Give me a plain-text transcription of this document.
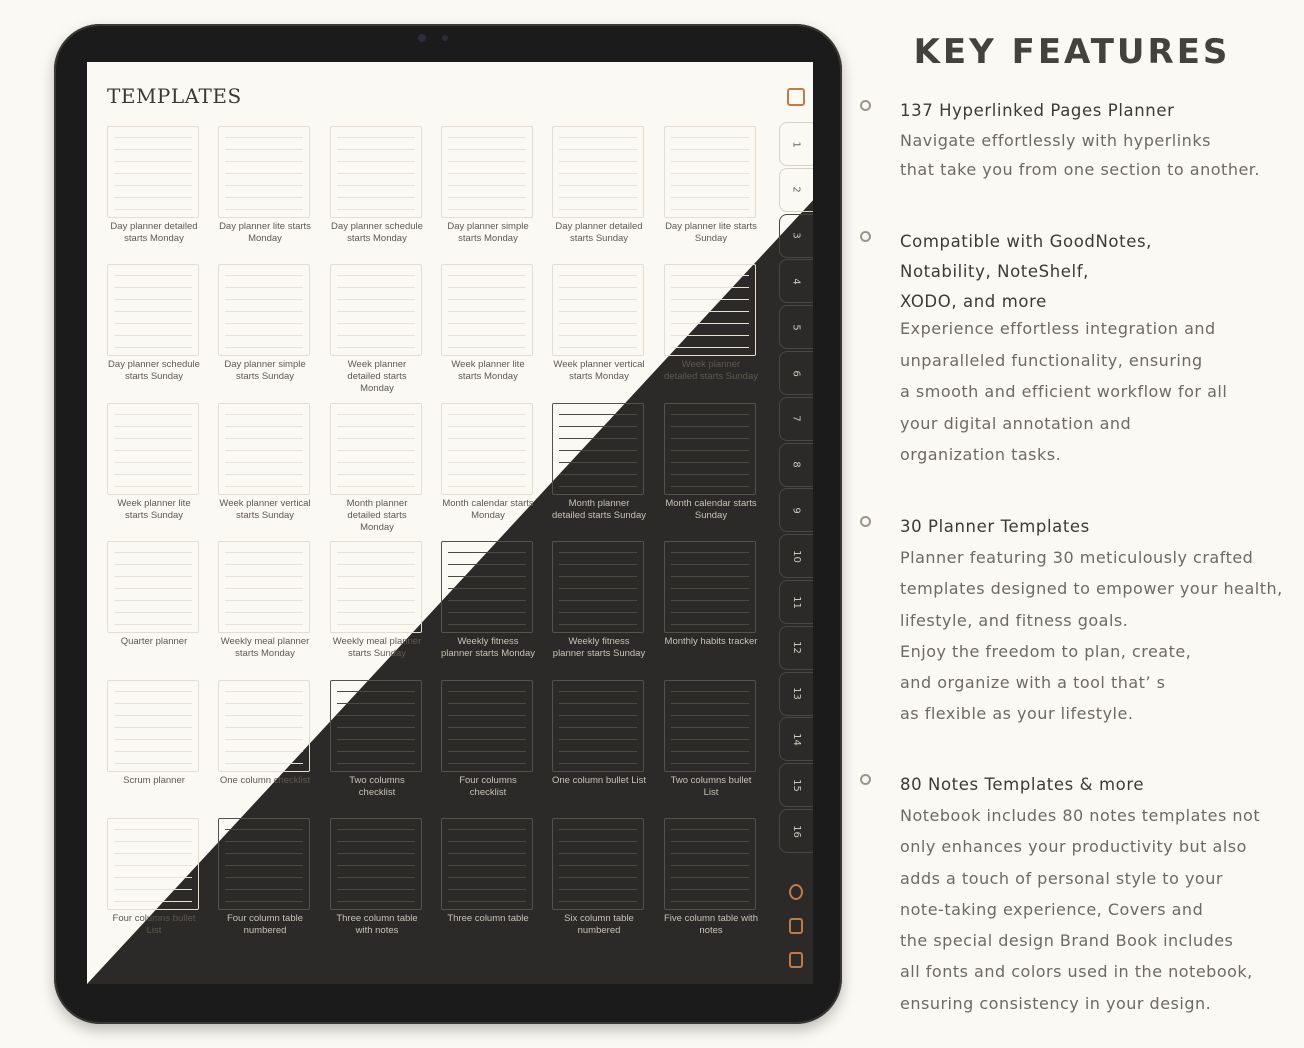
TEMPLATES
Day planner detailed starts Monday
Day planner lite starts Monday
Day planner schedule starts Monday
Day planner simple starts Monday
Day planner detailed starts Sunday
Day planner lite starts Sunday
Day planner schedule starts Sunday
Day planner simple starts Sunday
Week planner detailed starts Monday
Week planner lite starts Monday
Week planner vertical starts Monday
Week planner detailed starts Sunday
Week planner lite starts Sunday
Week planner vertical starts Sunday
Month planner detailed starts Monday
Month calendar starts Monday
Month planner detailed starts Sunday
Month calendar starts Sunday
Quarter planner	Weekly meal planner starts Monday
Weekly meal planner starts Sunday
Weekly fitness planner starts Monday
Weekly fitness planner starts Sunday
Monthly habits tracker
Scrum planner	One column checklist	Two columns checklist
Four columns checklist
One column bullet List	Two columns bullet List
Four columns bullet List
Four column table numbered
Three column table with notes
Three column table	Six column table numbered
Five column table with notes
1
2
3
4
5
6
7
8
9
10
11
12
13
14
15
16
KEY FEATURES
137 Hyperlinked Pages Planner
Navigate effortlessly with hyperlinks
that take you from one section to another.
Compatible with GoodNotes,
Notability, NoteShelf,
XODO, and more
Experience effortless integration and
unparalleled functionality, ensuring
a smooth and efficient workflow for all
your digital annotation and
organization tasks.
30 Planner Templates
Planner featuring 30 meticulously crafted
templates designed to empower your health,
lifestyle, and fitness goals.
Enjoy the freedom to plan, create,
and organize with a tool that’ s
as flexible as your lifestyle.
80 Notes Templates & more
Notebook includes 80 notes templates not
only enhances your productivity but also
adds a touch of personal style to your
note-taking experience, Covers and
the special design Brand Book includes
all fonts and colors used in the notebook,
ensuring consistency in your design.
